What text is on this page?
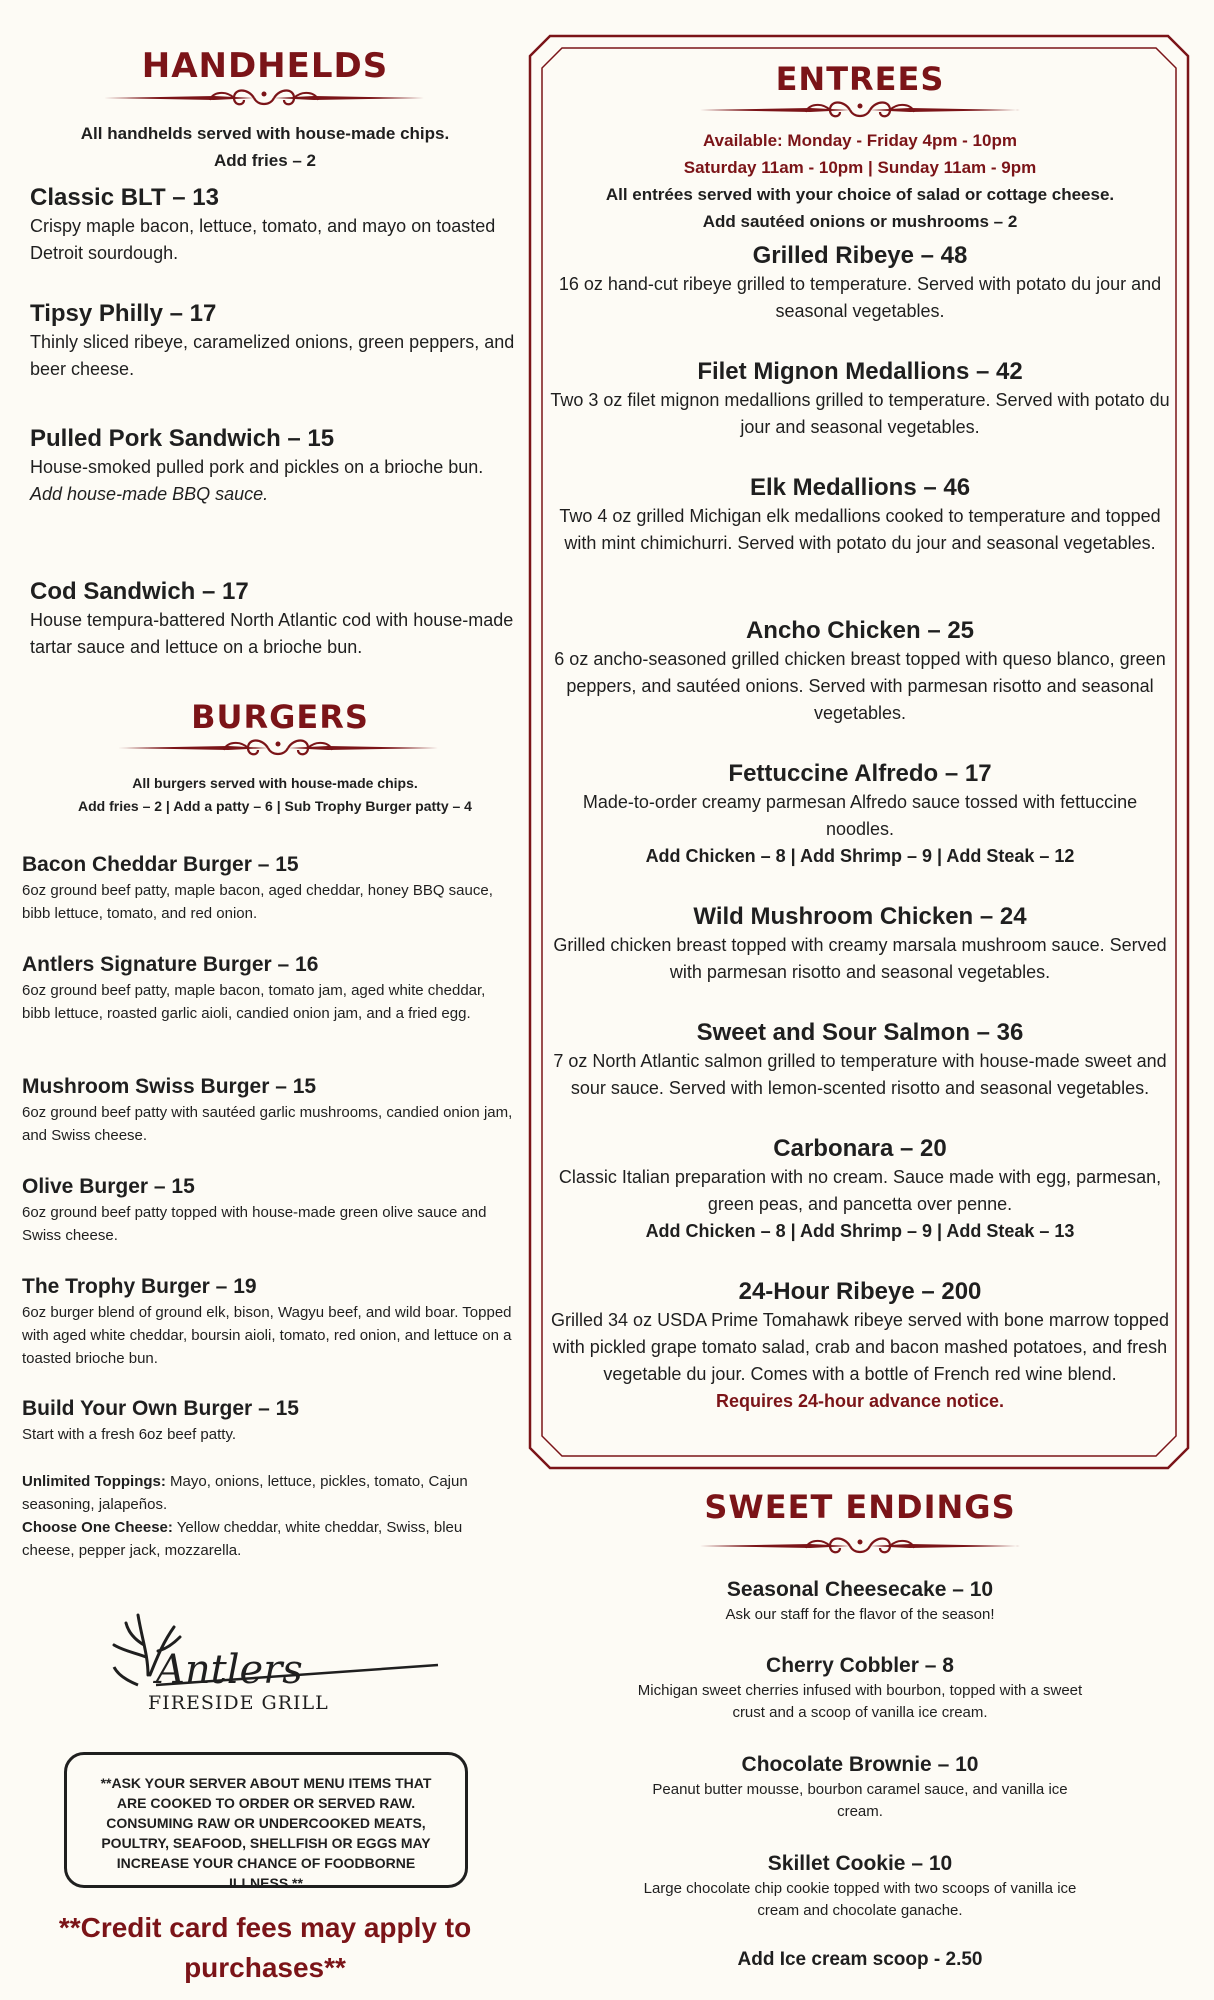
HANDHELDS

All handhelds served with house-made chips.

Add fries – 2

Classic BLT – 13

Crispy maple bacon, lettuce, tomato, and mayo on toasted Detroit sourdough.

Tipsy Philly – 17

Thinly sliced ribeye, caramelized onions, green peppers, and beer cheese.

Pulled Pork Sandwich – 15

House-smoked pulled pork and pickles on a brioche bun.

Add house-made BBQ sauce.

Cod Sandwich – 17

House tempura-battered North Atlantic cod with house-made tartar sauce and lettuce on a brioche bun.

BURGERS

All burgers served with house-made chips.

Add fries – 2 | Add a patty – 6 | Sub Trophy Burger patty – 4

Bacon Cheddar Burger – 15

6oz ground beef patty, maple bacon, aged cheddar, honey BBQ sauce, bibb lettuce, tomato, and red onion.

Antlers Signature Burger – 16

6oz ground beef patty, maple bacon, tomato jam, aged white cheddar, bibb lettuce, roasted garlic aioli, candied onion jam, and a fried egg.

Mushroom Swiss Burger – 15

6oz ground beef patty with sautéed garlic mushrooms, candied onion jam, and Swiss cheese.

Olive Burger – 15

6oz ground beef patty topped with house-made green olive sauce and Swiss cheese.

The Trophy Burger – 19

6oz burger blend of ground elk, bison, Wagyu beef, and wild boar. Topped with aged white cheddar, boursin aioli, tomato, red onion, and lettuce on a toasted brioche bun.

Build Your Own Burger – 15

Start with a fresh 6oz beef patty.

Unlimited Toppings: Mayo, onions, lettuce, pickles, tomato, Cajun seasoning, jalapeños.

Choose One Cheese: Yellow cheddar, white cheddar, Swiss, bleu cheese, pepper jack, mozzarella.

Antlers
FIRESIDE GRILL
**ASK YOUR SERVER ABOUT MENU ITEMS THAT ARE COOKED TO ORDER OR SERVED RAW. CONSUMING RAW OR UNDERCOOKED MEATS, POULTRY, SEAFOOD, SHELLFISH OR EGGS MAY INCREASE YOUR CHANCE OF FOODBORNE ILLNESS.**
**Credit card fees may apply to purchases**
ENTREES

Available: Monday - Friday 4pm - 10pm

Saturday 11am - 10pm | Sunday 11am - 9pm

All entrées served with your choice of salad or cottage cheese.

Add sautéed onions or mushrooms – 2

Grilled Ribeye – 48

16 oz hand-cut ribeye grilled to temperature. Served with potato du jour and seasonal vegetables.

Filet Mignon Medallions – 42

Two 3 oz filet mignon medallions grilled to temperature. Served with potato du jour and seasonal vegetables.

Elk Medallions – 46

Two 4 oz grilled Michigan elk medallions cooked to temperature and topped with mint chimichurri. Served with potato du jour and seasonal vegetables.

Ancho Chicken – 25

6 oz ancho-seasoned grilled chicken breast topped with queso blanco, green peppers, and sautéed onions. Served with parmesan risotto and seasonal vegetables.

Fettuccine Alfredo – 17

Made-to-order creamy parmesan Alfredo sauce tossed with fettuccine noodles.

Add Chicken – 8 | Add Shrimp – 9 | Add Steak – 12

Wild Mushroom Chicken – 24

Grilled chicken breast topped with creamy marsala mushroom sauce. Served with parmesan risotto and seasonal vegetables.

Sweet and Sour Salmon – 36

7 oz North Atlantic salmon grilled to temperature with house-made sweet and sour sauce. Served with lemon-scented risotto and seasonal vegetables.

Carbonara – 20

Classic Italian preparation with no cream. Sauce made with egg, parmesan, green peas, and pancetta over penne.

Add Chicken – 8 | Add Shrimp – 9 | Add Steak – 13

24-Hour Ribeye – 200

Grilled 34 oz USDA Prime Tomahawk ribeye served with bone marrow topped with pickled grape tomato salad, crab and bacon mashed potatoes, and fresh vegetable du jour. Comes with a bottle of French red wine blend.

Requires 24-hour advance notice.

SWEET ENDINGS

Seasonal Cheesecake – 10

Ask our staff for the flavor of the season!

Cherry Cobbler – 8

Michigan sweet cherries infused with bourbon, topped with a sweet crust and a scoop of vanilla ice cream.

Chocolate Brownie – 10

Peanut butter mousse, bourbon caramel sauce, and vanilla ice cream.

Skillet Cookie – 10

Large chocolate chip cookie topped with two scoops of vanilla ice cream and chocolate ganache.

Add Ice cream scoop - 2.50
